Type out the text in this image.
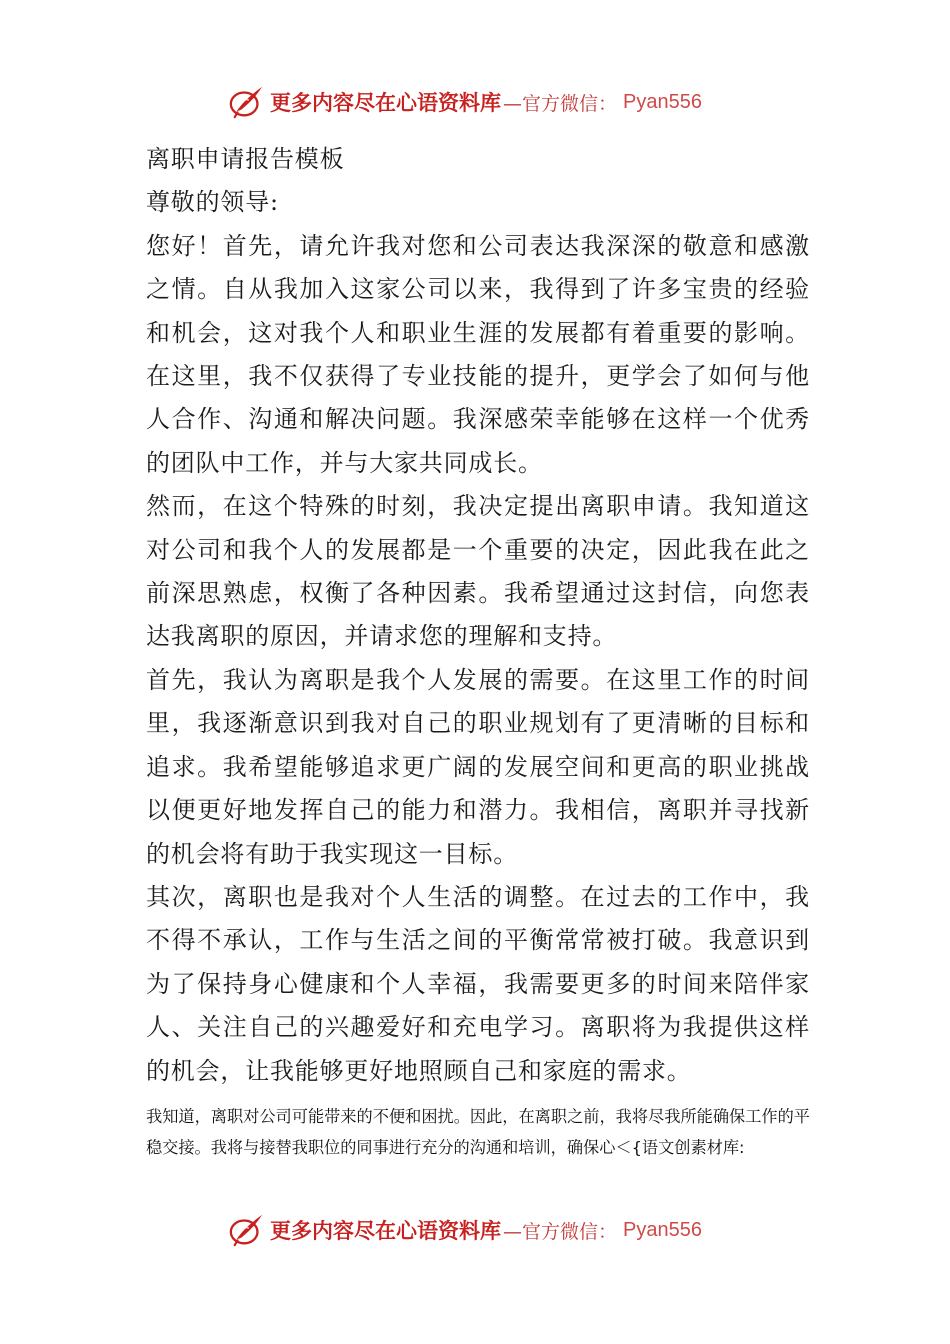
更多内容尽在心语资料库 —官方微信： Pyan556

离职申请报告模板

尊敬的领导:

您好！首先，请允许我对您和公司表达我深深的敬意和感激之情。自从我加入这家公司以来，我得到了许多宝贵的经验和机会，这对我个人和职业生涯的发展都有着重要的影响。在这里，我不仅获得了专业技能的提升，更学会了如何与他人合作、沟通和解决问题。我深感荣幸能够在这样一个优秀的团队中工作，并与大家共同成长。

然而，在这个特殊的时刻，我决定提出离职申请。我知道这对公司和我个人的发展都是一个重要的决定，因此我在此之前深思熟虑，权衡了各种因素。我希望通过这封信，向您表达我离职的原因，并请求您的理解和支持。

首先，我认为离职是我个人发展的需要。在这里工作的时间里，我逐渐意识到我对自己的职业规划有了更清晰的目标和追求。我希望能够追求更广阔的发展空间和更高的职业挑战以便更好地发挥自己的能力和潜力。我相信，离职并寻找新的机会将有助于我实现这一目标。

其次，离职也是我对个人生活的调整。在过去的工作中，我不得不承认，工作与生活之间的平衡常常被打破。我意识到为了保持身心健康和个人幸福，我需要更多的时间来陪伴家人、关注自己的兴趣爱好和充电学习。离职将为我提供这样的机会，让我能够更好地照顾自己和家庭的需求。

我知道，离职对公司可能带来的不便和困扰。因此，在离职之前，我将尽我所能确保工作的平稳交接。我将与接替我职位的同事进行充分的沟通和培训，确保心＜{语文创素材库:

更多内容尽在心语资料库 —官方微信： Pyan556
